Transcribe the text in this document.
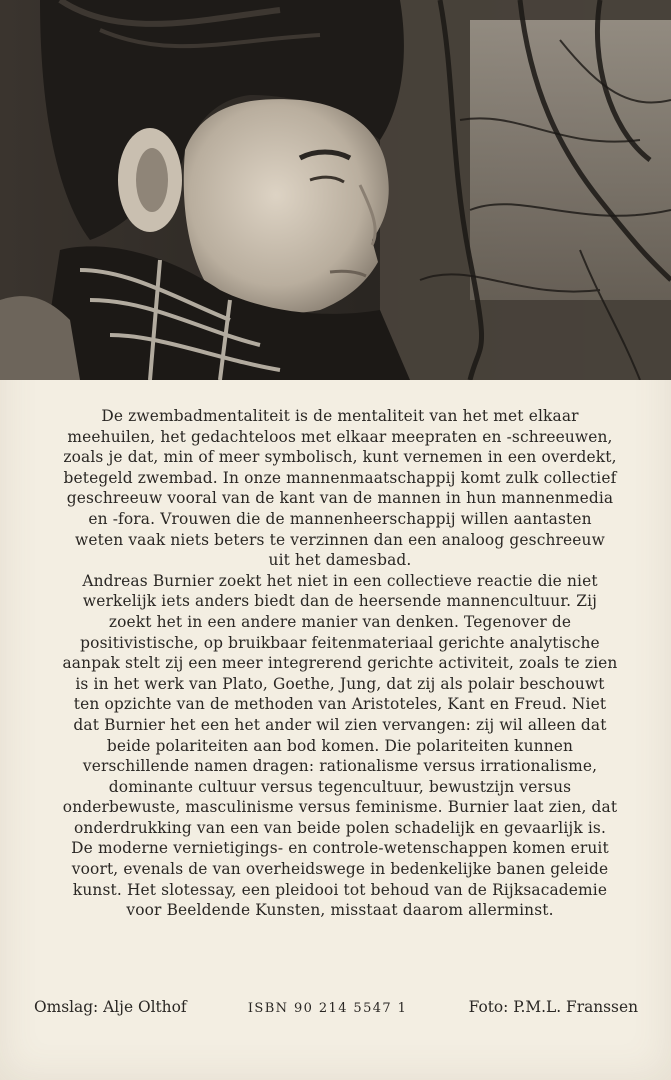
De zwembadmentaliteit is de mentaliteit van het met elkaar meehuilen, het gedachteloos met elkaar meepraten en -schreeuwen, zoals je dat, min of meer symbolisch, kunt vernemen in een overdekt, betegeld zwembad. In onze mannenmaatschappij komt zulk collectief geschreeuw vooral van de kant van de mannen in hun mannenmedia en -fora. Vrouwen die de mannenheerschappij willen aantasten weten vaak niets beters te verzinnen dan een analoog geschreeuw uit het damesbad.

Andreas Burnier zoekt het niet in een collectieve reactie die niet werkelijk iets anders biedt dan de heersende mannencultuur. Zij zoekt het in een andere manier van denken. Tegenover de positivistische, op bruikbaar feitenmateriaal gerichte analytische aanpak stelt zij een meer integrerend gerichte activiteit, zoals te zien is in het werk van Plato, Goethe, Jung, dat zij als polair beschouwt ten opzichte van de methoden van Aristoteles, Kant en Freud. Niet dat Burnier het een het ander wil zien vervangen: zij wil alleen dat beide polariteiten aan bod komen. Die polariteiten kunnen verschillende namen dragen: rationalisme versus irrationalisme, dominante cultuur versus tegencultuur, bewustzijn versus onderbewuste, masculinisme versus feminisme. Burnier laat zien, dat onderdrukking van een van beide polen schadelijk en gevaarlijk is. De moderne vernietigings- en controle-wetenschappen komen eruit voort, evenals de van overheidswege in bedenkelijke banen geleide kunst. Het slotessay, een pleidooi tot behoud van de Rijksacademie voor Beeldende Kunsten, misstaat daarom allerminst.

Omslag: Alje Olthof	ISBN 90 214 5547 1	Foto: P.M.L. Franssen
